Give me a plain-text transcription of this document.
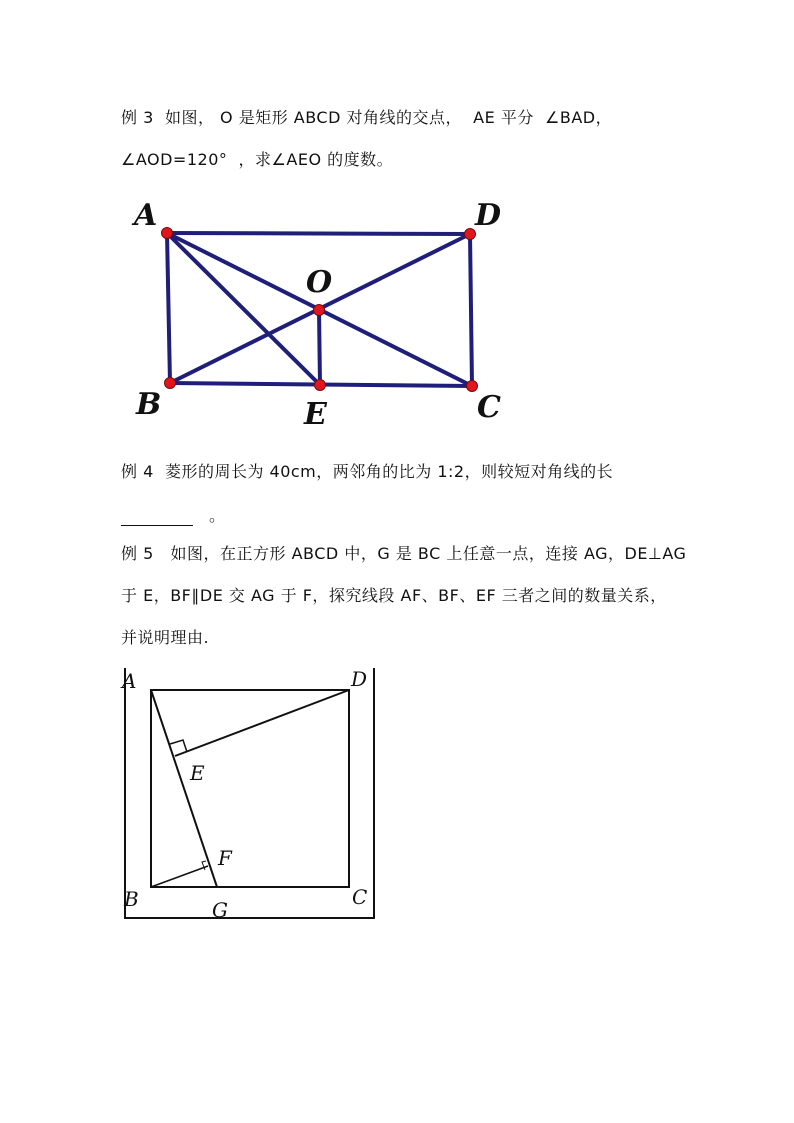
例 3  如图， O 是矩形 ABCD 对角线的交点，  AE 平分  ∠BAD，
∠AOD=120°  ，求∠AEO 的度数。
A	D
O
B	E	C
例 4  菱形的周长为 40cm，两邻角的比为 1:2，则较短对角线的长
。
例 5   如图，在正方形 ABCD 中，G 是 BC 上任意一点，连接 AG，DE⊥AG
于 E，BF∥DE 交 AG 于 F，探究线段 AF、BF、EF 三者之间的数量关系，
并说明理由.
A	D
E
F
B	G
C
